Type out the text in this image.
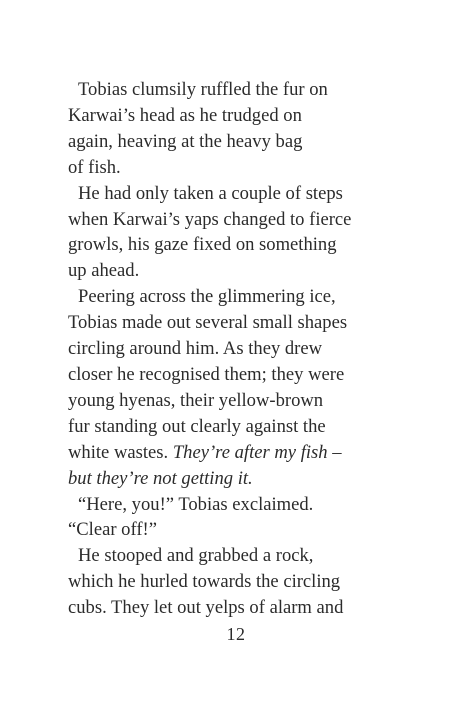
Tobias clumsily ruffled the fur on
Karwai’s head as he trudged on
again, heaving at the heavy bag
of fish.
He had only taken a couple of steps
when Karwai’s yaps changed to fierce
growls, his gaze fixed on something
up ahead.
Peering across the glimmering ice,
Tobias made out several small shapes
circling around him. As they drew
closer he recognised them; they were
young hyenas, their yellow-brown
fur standing out clearly against the
white wastes. They’re after my fish –
but they’re not getting it.
“Here, you!” Tobias exclaimed.
“Clear off!”
He stooped and grabbed a rock,
which he hurled towards the circling
cubs. They let out yelps of alarm and
12
